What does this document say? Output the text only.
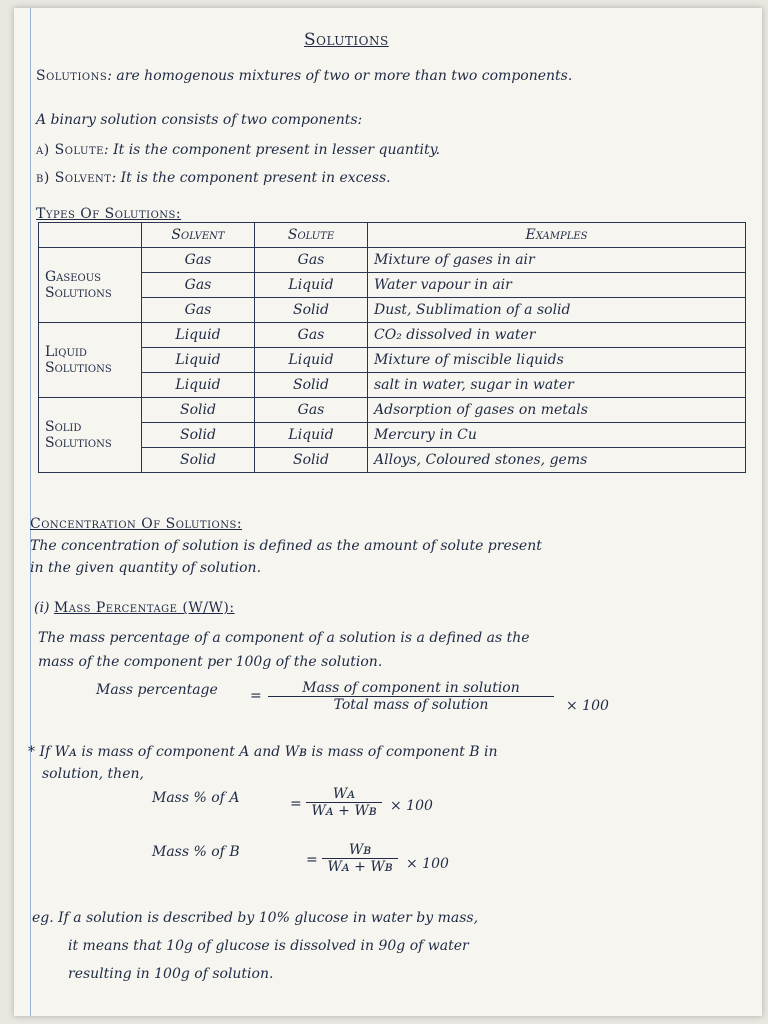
Solutions
Solutions: are homogenous mixtures of two or more than two components.
A binary solution consists of two components:
a) Solute: It is the component present in lesser quantity.
b) Solvent: It is the component present in excess.
Types Of Solutions:
	Solvent	Solute	Examples

Gaseous
Solutions	Gas	Gas	Mixture of gases in air
	Gas	Liquid	Water vapour in air
	Gas	Solid	Dust, Sublimation of a solid

Liquid
Solutions	Liquid	Gas	CO₂ dissolved in water
	Liquid	Liquid	Mixture of miscible liquids
	Liquid	Solid	salt in water, sugar in water

Solid
Solutions	Solid	Gas	Adsorption of gases on metals
	Solid	Liquid	Mercury in Cu
	Solid	Solid	Alloys, Coloured stones, gems
Concentration Of Solutions:
The concentration of solution is defined as the amount of solute present
in the given quantity of solution.
(i) Mass Percentage (W/W):
The mass percentage of a component of a solution is a defined as the
mass of the component per 100g of the solution.
Mass percentage =	Mass of component in solution
Total mass of solution	× 100
* If Wᴀ is mass of component A and Wʙ is mass of component B in
solution, then,
Mass % of A	= $\frac{\text{Wᴀ}}{\text{Wᴀ + Wʙ}} \times 100$
Mass % of B	= $\frac{\text{Wʙ}}{\text{Wᴀ + Wʙ}} \times 100$
eg. If a solution is described by 10% glucose in water by mass,
it means that 10g of glucose is dissolved in 90g of water
resulting in 100g of solution.
